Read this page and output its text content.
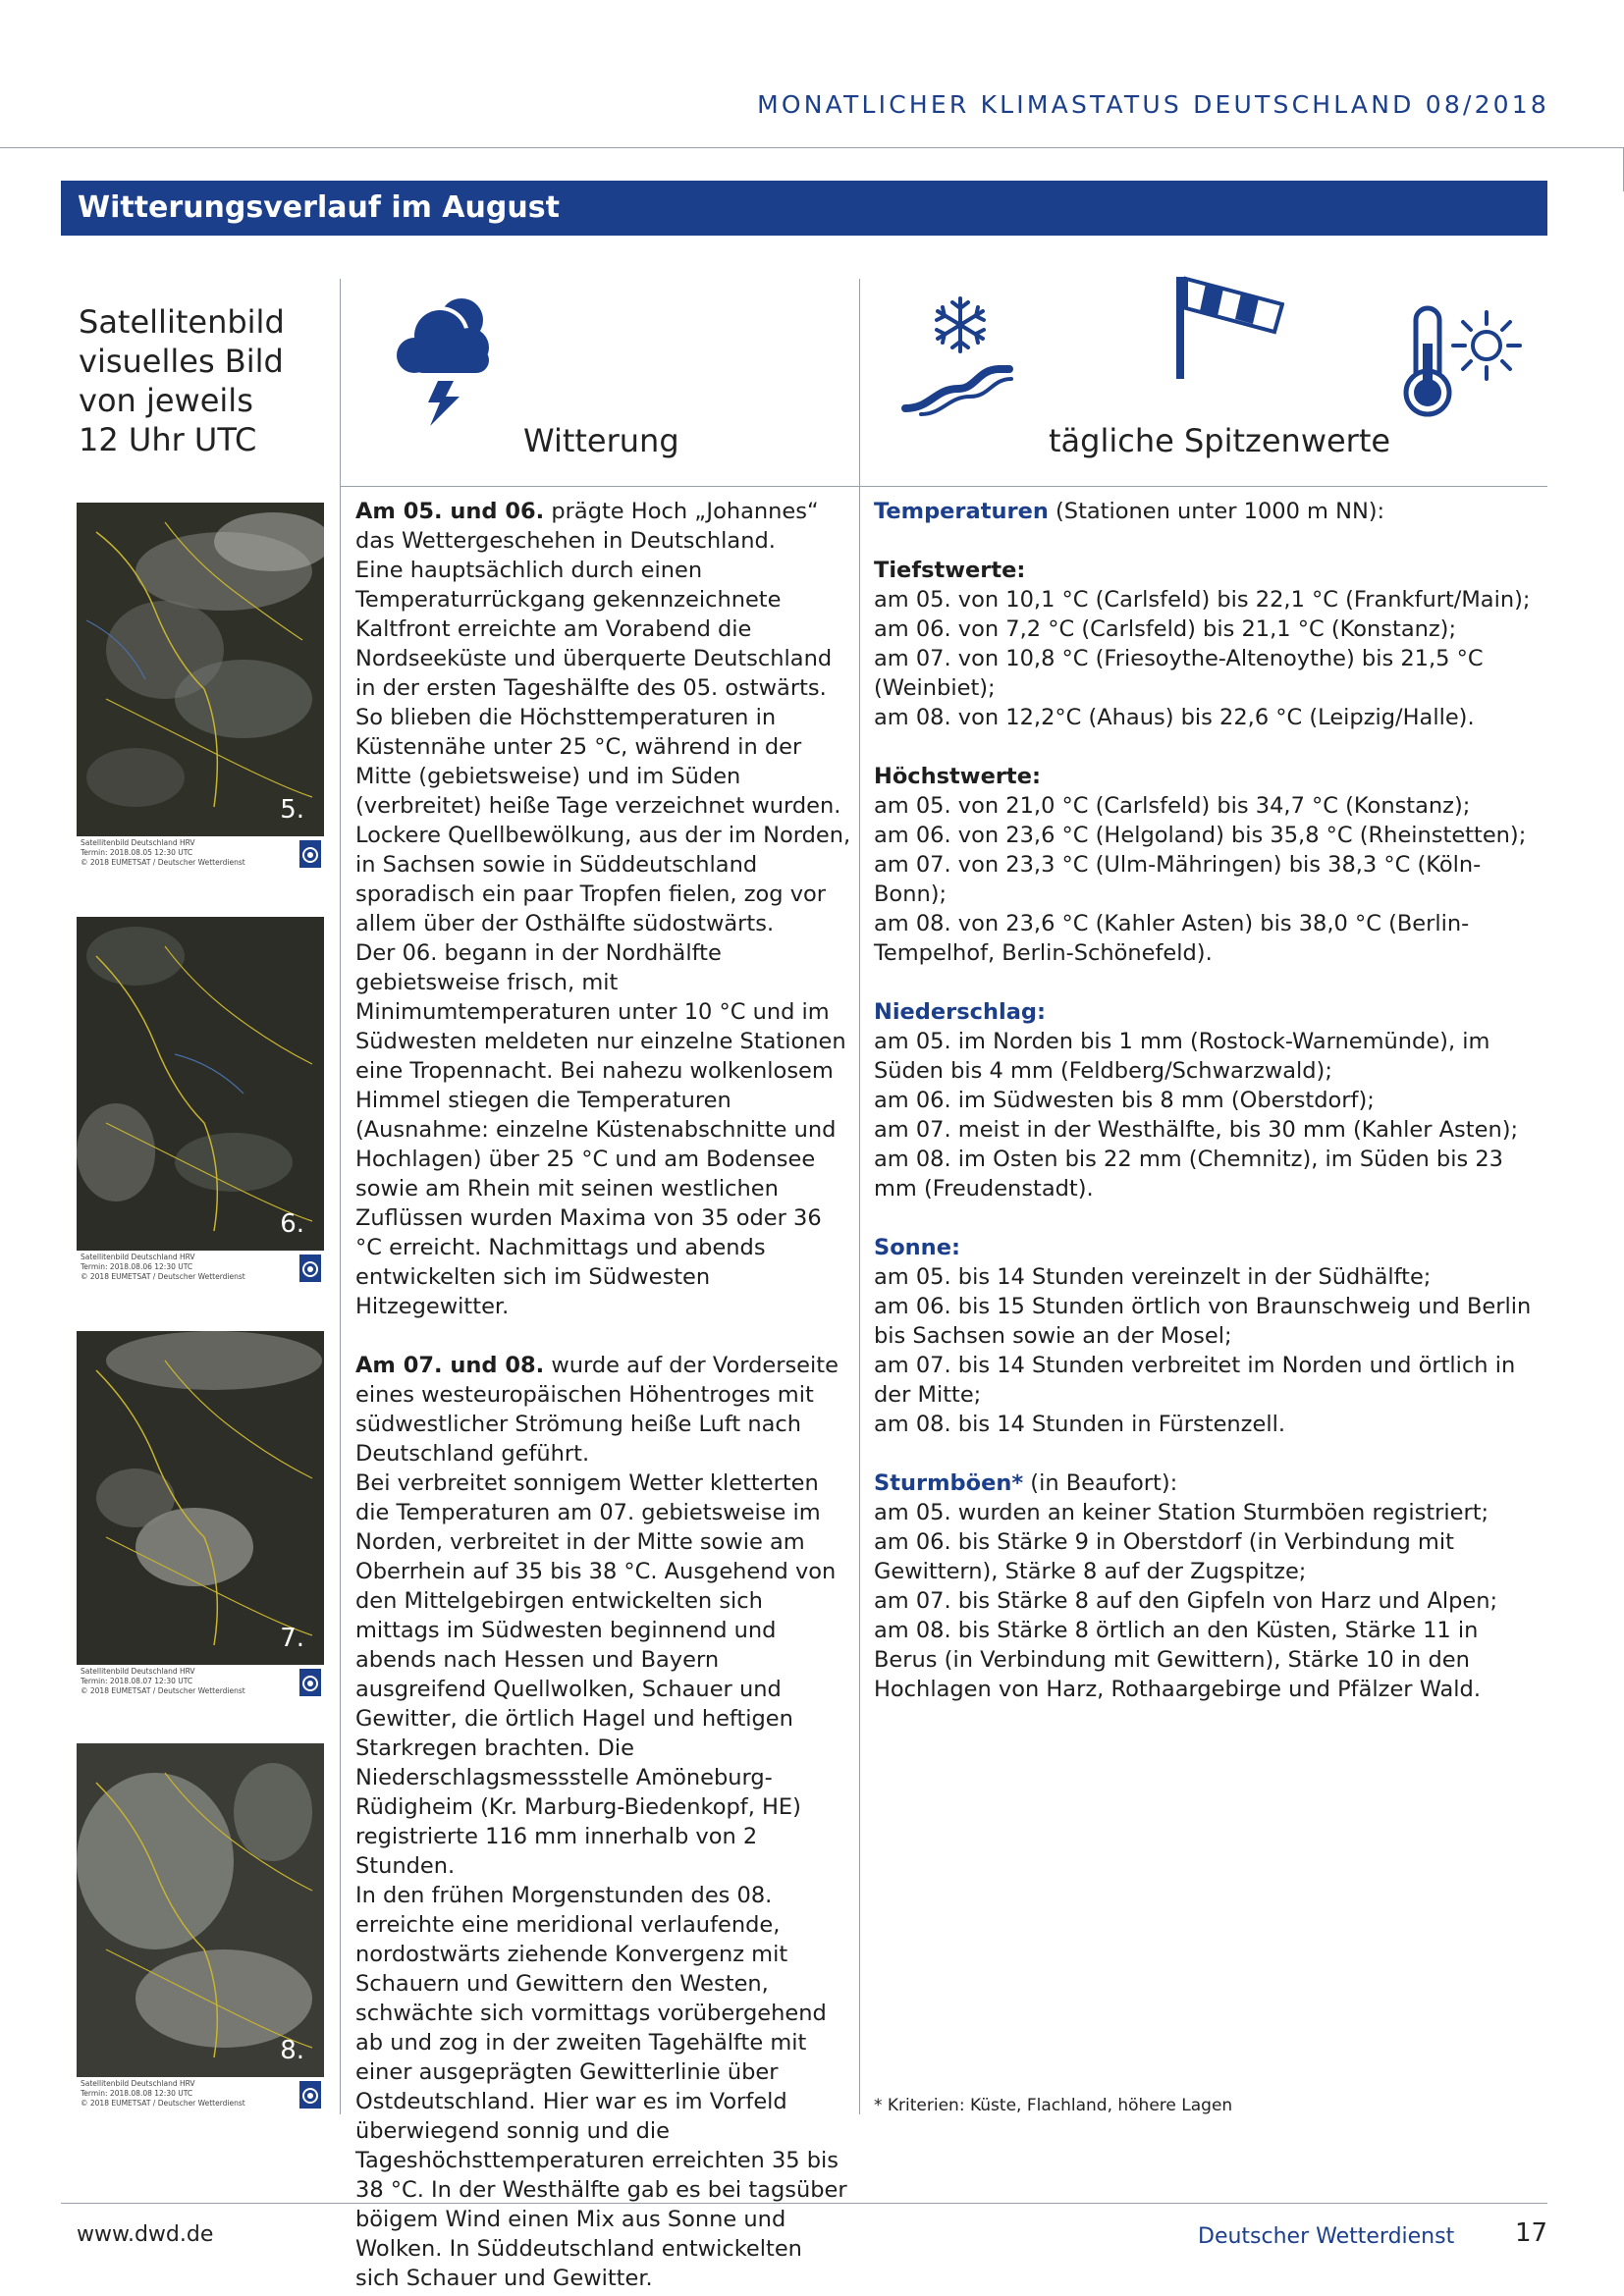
MONATLICHER KLIMASTATUS DEUTSCHLAND 08/2018
Witterungsverlauf im August
Satellitenbild
visuelles Bild
von jeweils
12 Uhr UTC	Witterung	tägliche Spitzenwerte
5.
Satellitenbild Deutschland HRV
Termin: 2018.08.05 12:30 UTC
© 2018 EUMETSAT / Deutscher Wetterdienst
6.
Satellitenbild Deutschland HRV
Termin: 2018.08.06 12:30 UTC
© 2018 EUMETSAT / Deutscher Wetterdienst
7.
Satellitenbild Deutschland HRV
Termin: 2018.08.07 12:30 UTC
© 2018 EUMETSAT / Deutscher Wetterdienst
8.
Satellitenbild Deutschland HRV
Termin: 2018.08.08 12:30 UTC
© 2018 EUMETSAT / Deutscher Wetterdienst

Am 05. und 06. prägte Hoch „Johannes“ das Wettergeschehen in Deutschland.

Eine hauptsächlich durch einen Temperaturrückgang gekennzeichnete Kaltfront erreichte am Vorabend die Nordseeküste und überquerte Deutschland in der ersten Tageshälfte des 05. ostwärts. So blieben die Höchsttemperaturen in Küstennähe unter 25 °C, während in der Mitte (gebietsweise) und im Süden (verbreitet) heiße Tage verzeichnet wurden. Lockere Quellbewölkung, aus der im Norden, in Sachsen sowie in Süddeutschland sporadisch ein paar Tropfen fielen, zog vor allem über der Osthälfte südostwärts.

Der 06. begann in der Nordhälfte gebietsweise frisch, mit Minimumtemperaturen unter 10 °C und im Südwesten meldeten nur einzelne Stationen eine Tropennacht. Bei nahezu wolkenlosem Himmel stiegen die Temperaturen (Ausnahme: einzelne Küstenabschnitte und Hochlagen) über 25 °C und am Bodensee sowie am Rhein mit seinen westlichen Zuflüssen wurden Maxima von 35 oder 36 °C erreicht. Nachmittags und abends entwickelten sich im Südwesten Hitzegewitter.

Am 07. und 08. wurde auf der Vorderseite eines westeuropäischen Höhentroges mit südwestlicher Strömung heiße Luft nach Deutschland geführt.

Bei verbreitet sonnigem Wetter kletterten die Temperaturen am 07. gebietsweise im Norden, verbreitet in der Mitte sowie am Oberrhein auf 35 bis 38 °C. Ausgehend von den Mittelgebirgen entwickelten sich mittags im Südwesten beginnend und abends nach Hessen und Bayern ausgreifend Quellwolken, Schauer und Gewitter, die örtlich Hagel und heftigen Starkregen brachten. Die Niederschlagsmessstelle Amöneburg-Rüdigheim (Kr. Marburg-Biedenkopf, HE) registrierte 116 mm innerhalb von 2 Stunden.

In den frühen Morgenstunden des 08. erreichte eine meridional verlaufende, nordostwärts ziehende Konvergenz mit Schauern und Gewittern den Westen, schwächte sich vormittags vorübergehend ab und zog in der zweiten Tagehälfte mit einer ausgeprägten Gewitterlinie über Ostdeutschland. Hier war es im Vorfeld überwiegend sonnig und die Tageshöchsttemperaturen erreichten 35 bis 38 °C. In der Westhälfte gab es bei tagsüber böigem Wind einen Mix aus Sonne und Wolken. In Süddeutschland entwickelten sich Schauer und Gewitter.

Temperaturen (Stationen unter 1000 m NN):

Tiefstwerte:

am 05. von 10,1 °C (Carlsfeld) bis 22,1 °C (Frankfurt/Main);

am 06. von 7,2 °C (Carlsfeld) bis 21,1 °C (Konstanz);

am 07. von 10,8 °C (Friesoythe-Altenoythe) bis 21,5 °C (Weinbiet);

am 08. von 12,2°C (Ahaus) bis 22,6 °C (Leipzig/Halle).

Höchstwerte:

am 05. von 21,0 °C (Carlsfeld) bis 34,7 °C (Konstanz);

am 06. von 23,6 °C (Helgoland) bis 35,8 °C (Rheinstetten);

am 07. von 23,3 °C (Ulm-Mähringen) bis 38,3 °C (Köln-Bonn);

am 08. von 23,6 °C (Kahler Asten) bis 38,0 °C (Berlin-Tempelhof, Berlin-Schönefeld).

Niederschlag:

am 05. im Norden bis 1 mm (Rostock-Warnemünde), im Süden bis 4 mm (Feldberg/Schwarzwald);

am 06. im Südwesten bis 8 mm (Oberstdorf);

am 07. meist in der Westhälfte, bis 30 mm (Kahler Asten);

am 08. im Osten bis 22 mm (Chemnitz), im Süden bis 23 mm (Freudenstadt).

Sonne:

am 05. bis 14 Stunden vereinzelt in der Südhälfte;

am 06. bis 15 Stunden örtlich von Braunschweig und Berlin bis Sachsen sowie an der Mosel;

am 07. bis 14 Stunden verbreitet im Norden und örtlich in der Mitte;

am 08. bis 14 Stunden in Fürstenzell.

Sturmböen* (in Beaufort):

am 05. wurden an keiner Station Sturmböen registriert;

am 06. bis Stärke 9 in Oberstdorf (in Verbindung mit Gewittern), Stärke 8 auf der Zugspitze;

am 07. bis Stärke 8 auf den Gipfeln von Harz und Alpen;

am 08. bis Stärke 8 örtlich an den Küsten, Stärke 11 in Berus (in Verbindung mit Gewittern), Stärke 10 in den Hochlagen von Harz, Rothaargebirge und Pfälzer Wald.

* Kriterien: Küste, Flachland, höhere Lagen
www.dwd.de	Deutscher Wetterdienst 17
